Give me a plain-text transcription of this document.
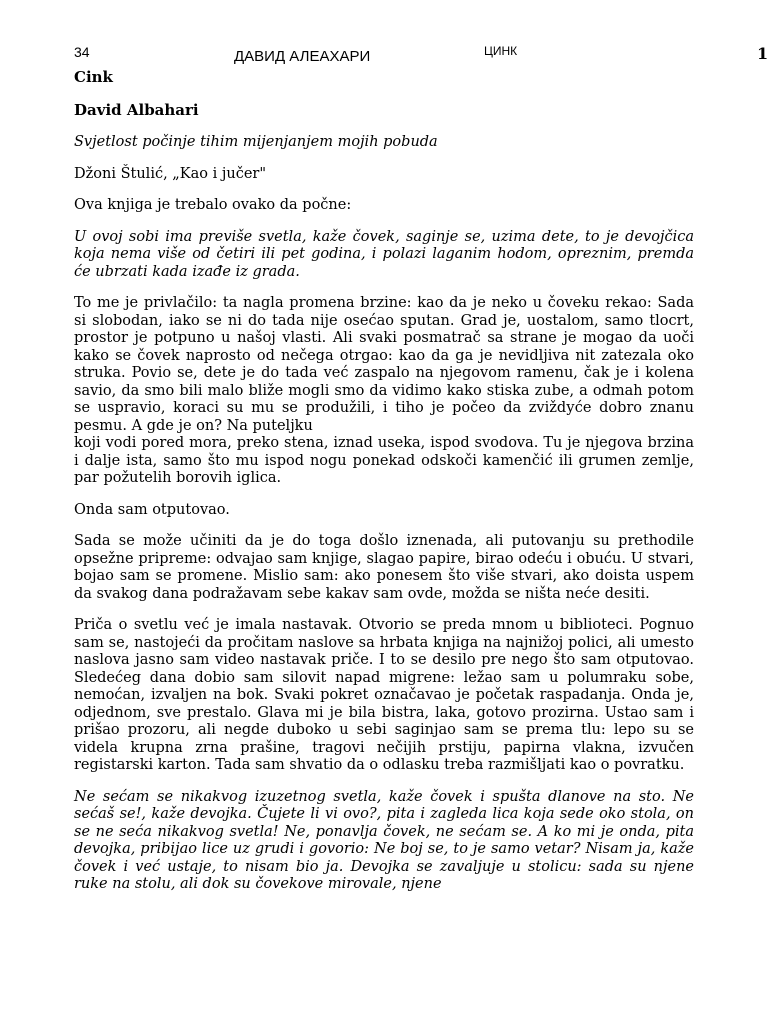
34	ДАВИД АЛЕАХАРИ	ЦИНК	1
Cink
David Albahari
Svjetlost počinje tihim mijenjanjem mojih pobuda
Džoni Štulić, „Kao i jučer"

Ova knjiga je trebalo ovako da počne:

U ovoj sobi ima previše svetla, kaže čovek, saginje se, uzima dete, to je devojčica koja nema više od četiri ili pet godina, i polazi laganim hodom, opreznim, premda će ubrzati kada izađe iz grada.

To me je privlačilo: ta nagla promena brzine: kao da je neko u čoveku rekao: Sada si slobodan, iako se ni do tada nije osećao sputan. Grad je, uostalom, samo tlocrt, prostor je potpuno u našoj vlasti. Ali svaki posmatrač sa strane je mogao da uoči kako se čovek naprosto od nečega otrgao: kao da ga je nevidljiva nit zatezala oko struka. Povio se, dete je do tada već zaspalo na njegovom ramenu, čak je i kolena savio, da smo bili malo bliže mogli smo da vidimo kako stiska zube, a odmah potom se uspravio, koraci su mu se produžili, i tiho je počeo da zviždуće dobro znanu pesmu. A gde je on? Na puteljku

koji vodi pored mora, preko stena, iznad useka, ispod svodova. Tu je njegova brzina i dalje ista, samo što mu ispod nogu ponekad odskoči kamenčić ili grumen zemlje, par požutelih borovih iglica.

Onda sam otputovao.

Sada se može učiniti da je do toga došlo iznenada, ali putovanju su prethodile opsežne pripreme: odvajao sam knjige, slagao papire, birao odeću i obuću. U stvari, bojao sam se promene. Mislio sam: ako ponesem što više stvari, ako doista uspem da svakog dana podražavam sebe kakav sam ovde, možda se ništa neće desiti.

Priča o svetlu već je imala nastavak. Otvorio se preda mnom u biblioteci. Pognuo sam se, nastojeći da pročitam naslove sa hrbata knjiga na najnižoj polici, ali umesto naslova jasno sam video nastavak priče. I to se desilo pre nego što sam otputovao. Sledećeg dana dobio sam silovit napad migrene: ležao sam u polumraku sobe, nemoćan, izvaljen na bok. Svaki pokret označavao je početak raspadanja. Onda je, odjednom, sve prestalo. Glava mi je bila bistra, laka, gotovo prozirna. Ustao sam i prišao prozoru, ali negde duboko u sebi saginjao sam se prema tlu: lepo su se videla krupna zrna prašine, tragovi nečijih prstiju, papirna vlakna, izvučen registarski karton. Tada sam shvatio da o odlasku treba razmišljati kao o povratku.

Ne sećam se nikakvog izuzetnog svetla, kaže čovek i spušta dlanove na sto. Ne sećaš se!, kaže devojka. Čujete li vi ovo?, pita i zagleda lica koja sede oko stola, on se ne seća nikakvog svetla! Ne, ponavlja čovek, ne sećam se. A ko mi je onda, pita devojka, pribijao lice uz grudi i govorio: Ne boj se, to je samo vetar? Nisam ja, kaže čovek i već ustaje, to nisam bio ja. Devojka se zavaljuje u stolicu: sada su njene ruke na stolu, ali dok su čovekove mirovale, njene
